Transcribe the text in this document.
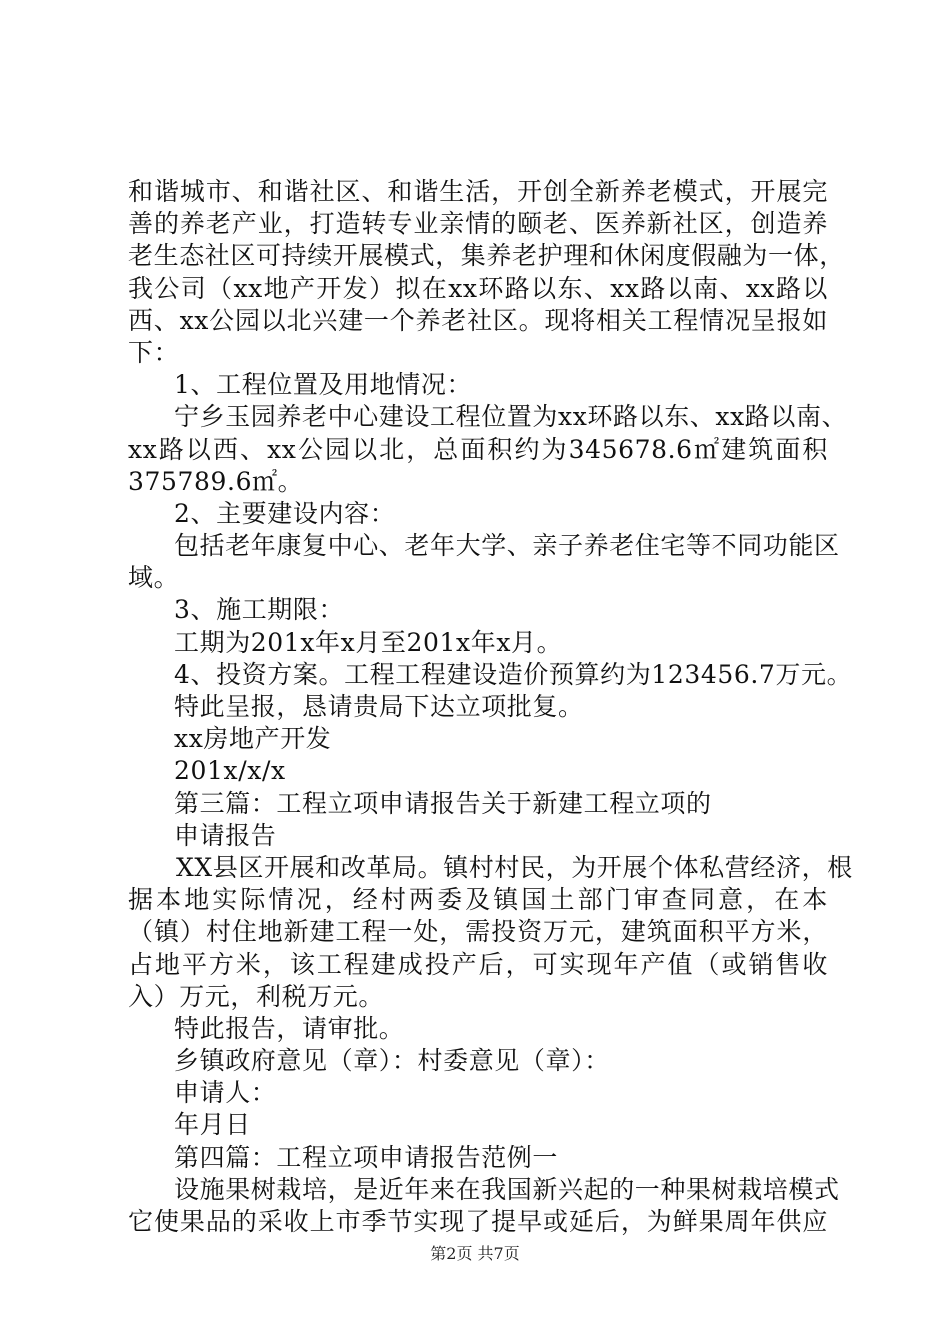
和谐城市、和谐社区、和谐生活，开创全新养老模式，开展完
善的养老产业，打造转专业亲情的颐老、医养新社区，创造养
老生态社区可持续开展模式，集养老护理和休闲度假融为一体，
我公司（xx地产开发）拟在xx环路以东、xx路以南、xx路以
西、xx公园以北兴建一个养老社区。现将相关工程情况呈报如
下：
1、工程位置及用地情况：
宁乡玉园养老中心建设工程位置为xx环路以东、xx路以南、
xx路以西、xx公园以北，总面积约为345678.6㎡建筑面积
375789.6㎡。
2、主要建设内容：
包括老年康复中心、老年大学、亲子养老住宅等不同功能区
域。
3、施工期限：
工期为201x年x月至201x年x月。
4、投资方案。工程工程建设造价预算约为123456.7万元。
特此呈报，恳请贵局下达立项批复。
xx房地产开发
201x/x/x
第三篇：工程立项申请报告关于新建工程立项的
申请报告
XX县区开展和改革局。镇村村民，为开展个体私营经济，根
据本地实际情况，经村两委及镇国土部门审查同意，在本
（镇）村住地新建工程一处，需投资万元，建筑面积平方米，
占地平方米，该工程建成投产后，可实现年产值（或销售收
入）万元，利税万元。
特此报告，请审批。
乡镇政府意见（章）：村委意见（章）：
申请人：
年月日
第四篇：工程立项申请报告范例一
设施果树栽培，是近年来在我国新兴起的一种果树栽培模式
它使果品的采收上市季节实现了提早或延后，为鲜果周年供应
第2页 共7页
